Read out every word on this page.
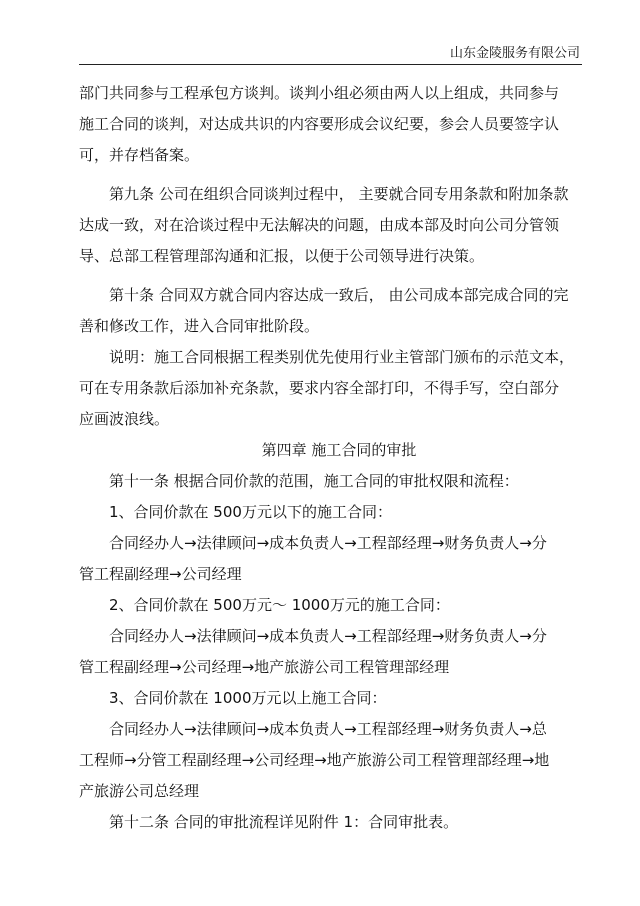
山东金陵服务有限公司
部门共同参与工程承包方谈判。谈判小组必须由两人以上组成，共同参与
施工合同的谈判，对达成共识的内容要形成会议纪要，参会人员要签字认
可，并存档备案。
第九条 公司在组织合同谈判过程中， 主要就合同专用条款和附加条款
达成一致，对在洽谈过程中无法解决的问题，由成本部及时向公司分管领
导、总部工程管理部沟通和汇报，以便于公司领导进行决策。
第十条 合同双方就合同内容达成一致后， 由公司成本部完成合同的完
善和修改工作，进入合同审批阶段。
说明：施工合同根据工程类别优先使用行业主管部门颁布的示范文本，
可在专用条款后添加补充条款，要求内容全部打印，不得手写，空白部分
应画波浪线。
第四章 施工合同的审批
第十一条 根据合同价款的范围，施工合同的审批权限和流程：
1、合同价款在 500万元以下的施工合同：
合同经办人→法律顾问→成本负责人→工程部经理→财务负责人→分
管工程副经理→公司经理
2、合同价款在 500万元～ 1000万元的施工合同：
合同经办人→法律顾问→成本负责人→工程部经理→财务负责人→分
管工程副经理→公司经理→地产旅游公司工程管理部经理
3、合同价款在 1000万元以上施工合同：
合同经办人→法律顾问→成本负责人→工程部经理→财务负责人→总
工程师→分管工程副经理→公司经理→地产旅游公司工程管理部经理→地
产旅游公司总经理
第十二条 合同的审批流程详见附件 1：合同审批表。
